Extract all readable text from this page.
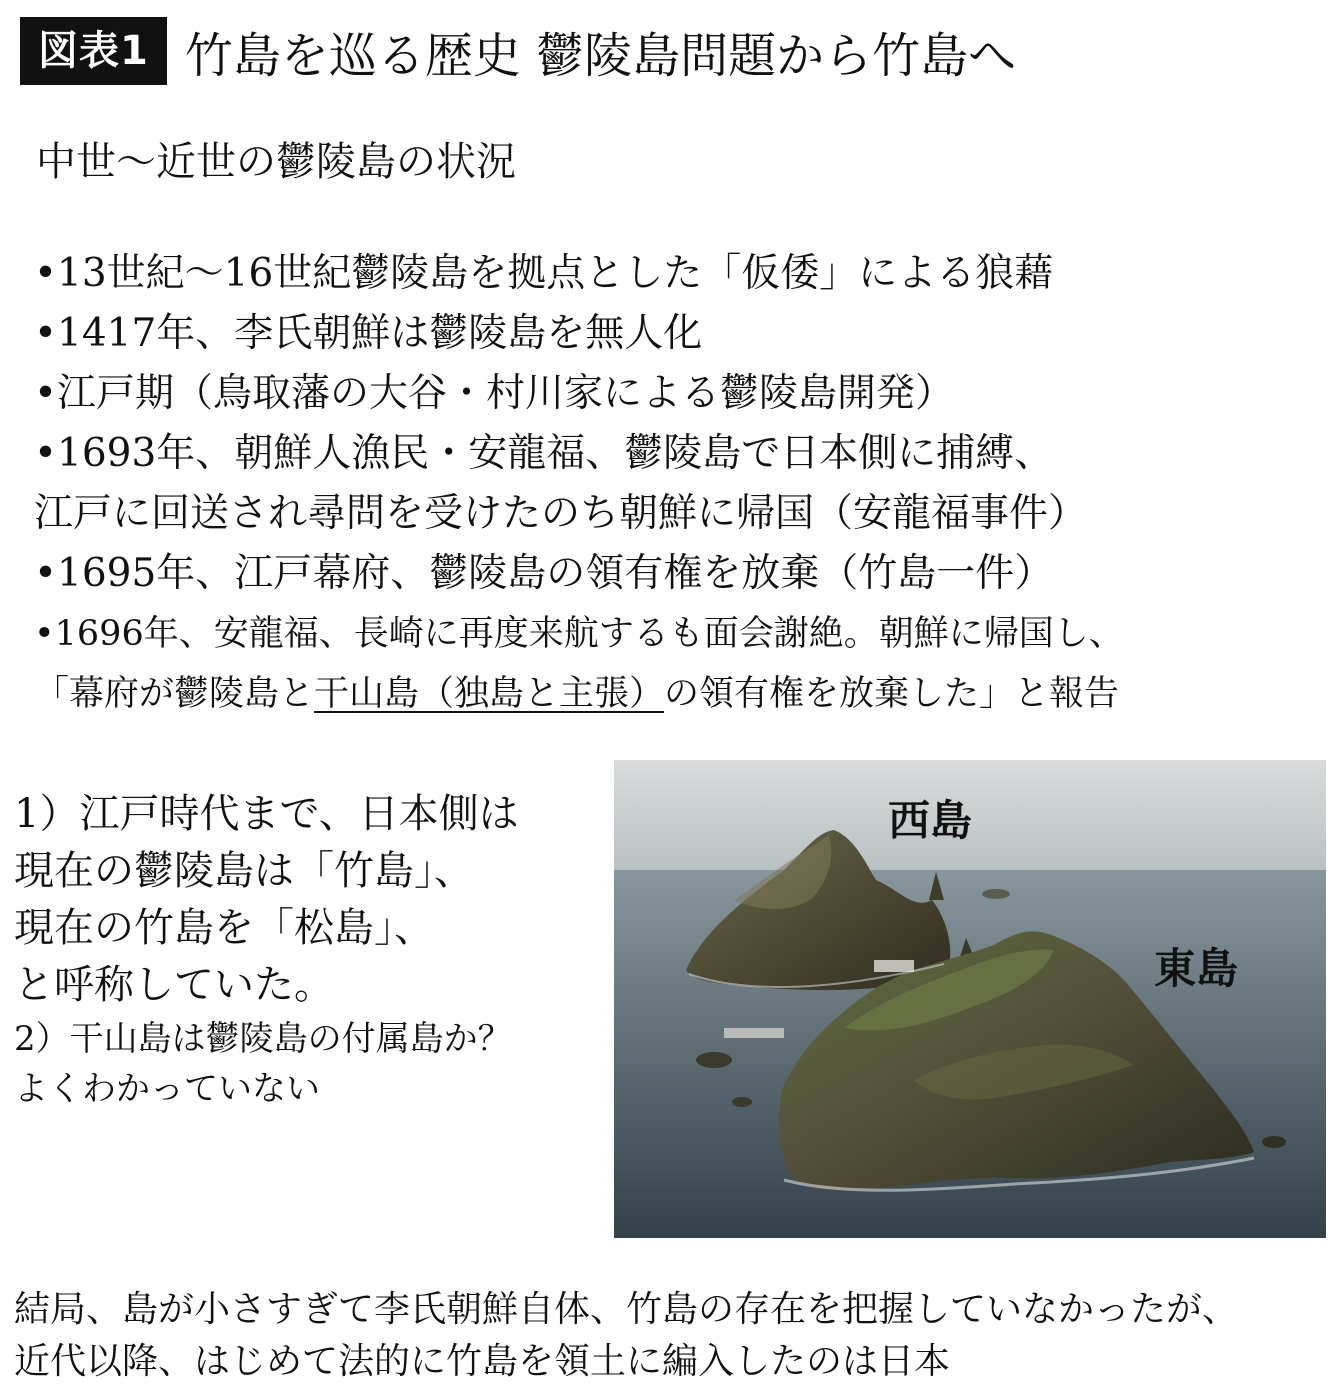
図表1 竹島を巡る歴史 鬱陵島問題から竹島へ
中世～近世の鬱陵島の状況
•13世紀～16世紀鬱陵島を拠点とした「仮倭」による狼藉
•1417年、李氏朝鮮は鬱陵島を無人化
•江戸期（鳥取藩の大谷・村川家による鬱陵島開発）
•1693年、朝鮮人漁民・安龍福、鬱陵島で日本側に捕縛、
江戸に回送され尋問を受けたのち朝鮮に帰国（安龍福事件）
•1695年、江戸幕府、鬱陵島の領有権を放棄（竹島一件）
•1696年、安龍福、長崎に再度来航するも面会謝絶。朝鮮に帰国し、
「幕府が鬱陵島と干山島（独島と主張）の領有権を放棄した」と報告
1）江戸時代まで、日本側は
現在の鬱陵島は「竹島」、
現在の竹島を「松島」、
と呼称していた。
2）干山島は鬱陵島の付属島か？
よくわかっていない
西島
東島
結局、島が小さすぎて李氏朝鮮自体、竹島の存在を把握していなかったが、
近代以降、はじめて法的に竹島を領土に編入したのは日本
